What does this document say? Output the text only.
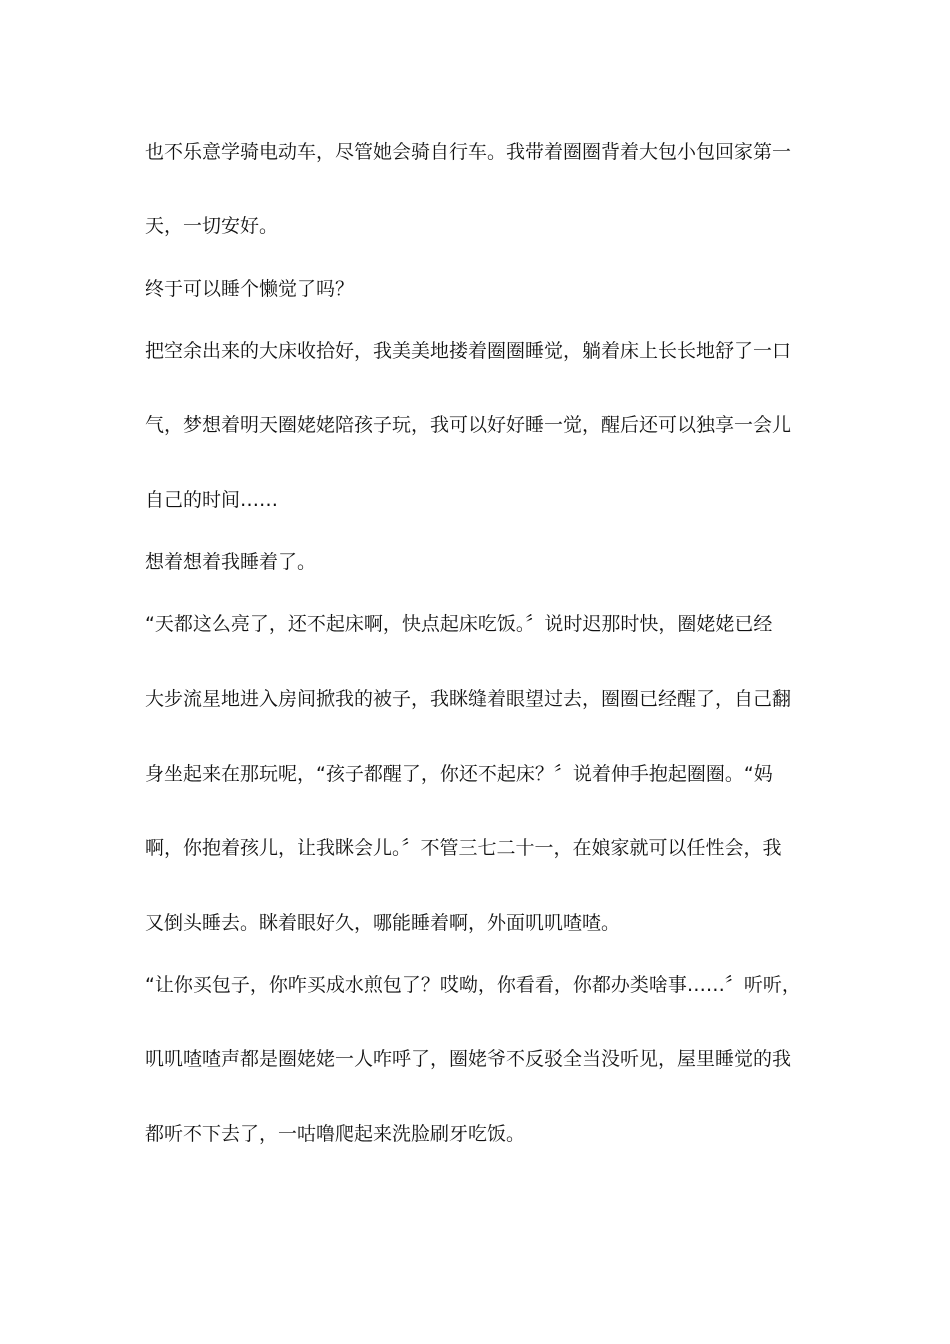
也不乐意学骑电动车，尽管她会骑自行车。我带着圈圈背着大包小包回家第一
天，一切安好。
终于可以睡个懒觉了吗？
把空余出来的大床收拾好，我美美地搂着圈圈睡觉，躺着床上长长地舒了一口
气，梦想着明天圈姥姥陪孩子玩，我可以好好睡一觉，醒后还可以独享一会儿
自己的时间……
想着想着我睡着了。
“天都这么亮了，还不起床啊，快点起床吃饭。〞说时迟那时快，圈姥姥已经
大步流星地进入房间掀我的被子，我眯缝着眼望过去，圈圈已经醒了，自己翻
身坐起来在那玩呢，“孩子都醒了，你还不起床？〞说着伸手抱起圈圈。“妈
啊，你抱着孩儿，让我眯会儿。〞不管三七二十一，在娘家就可以任性会，我
又倒头睡去。眯着眼好久，哪能睡着啊，外面叽叽喳喳。
“让你买包子，你咋买成水煎包了？哎呦，你看看，你都办类啥事……〞听听，
叽叽喳喳声都是圈姥姥一人咋呼了，圈姥爷不反驳全当没听见，屋里睡觉的我
都听不下去了，一咕噜爬起来洗脸刷牙吃饭。
